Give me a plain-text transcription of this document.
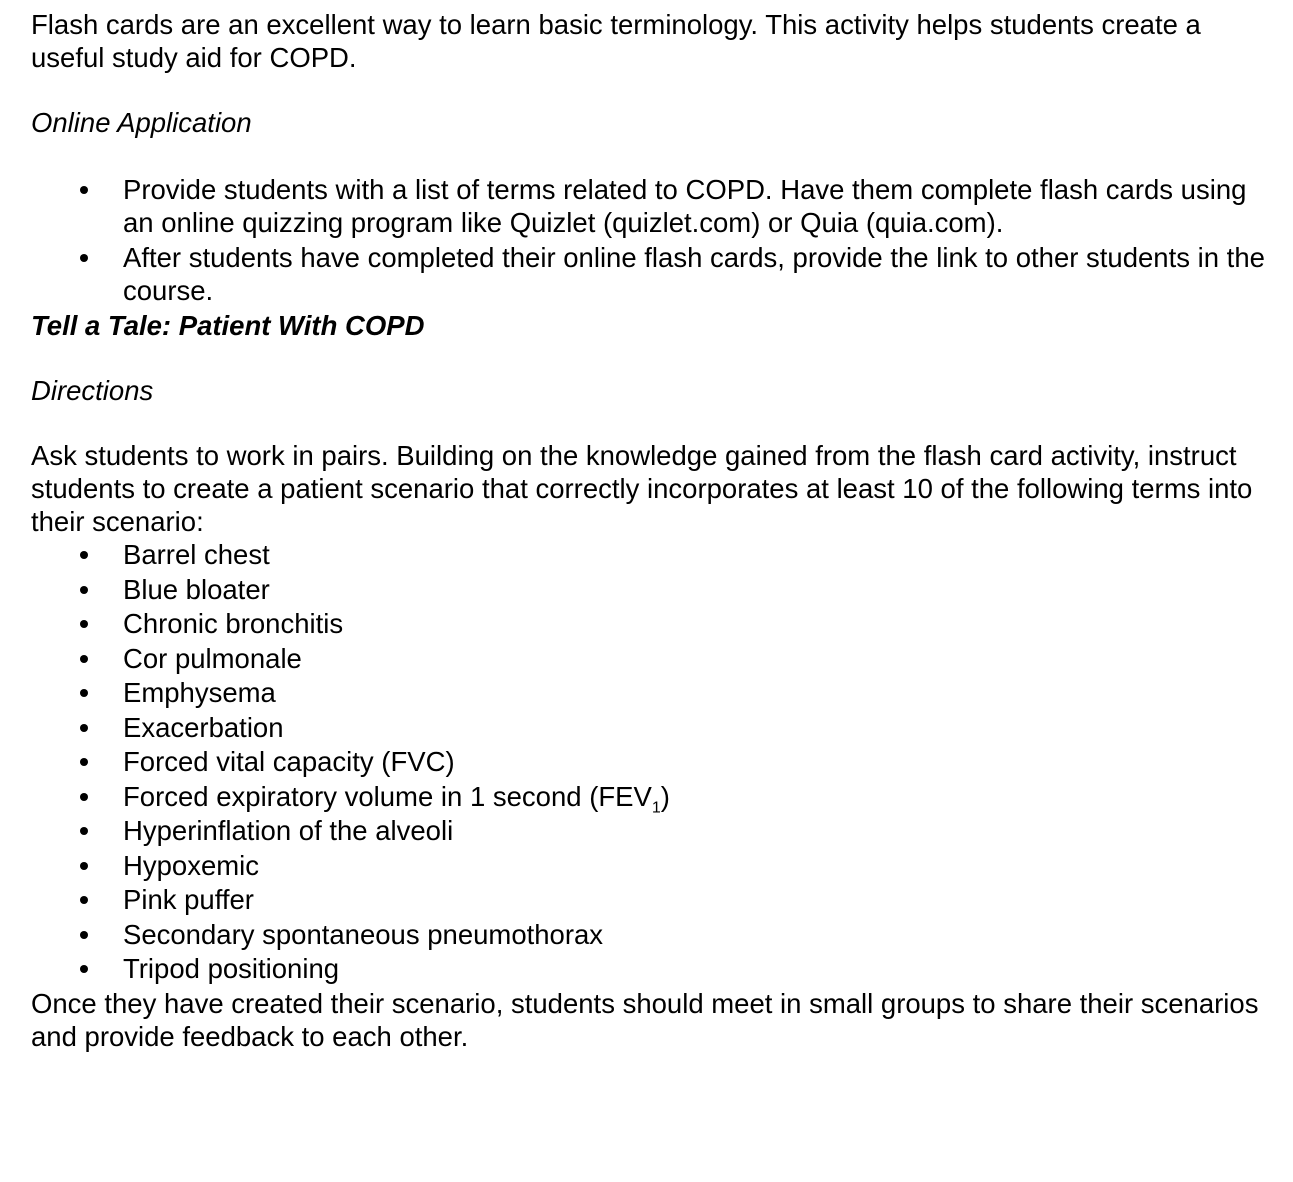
Flash cards are an excellent way to learn basic terminology. This activity helps students create a useful study aid for COPD.

Online Application

Provide students with a list of terms related to COPD. Have them complete flash cards using an online quizzing program like Quizlet (quizlet.com) or Quia (quia.com).
After students have completed their online flash cards, provide the link to other students in the course.

Tell a Tale: Patient With COPD

Directions

Ask students to work in pairs. Building on the knowledge gained from the flash card activity, instruct students to create a patient scenario that correctly incorporates at least 10 of the following terms into their scenario:

Barrel chest
Blue bloater
Chronic bronchitis
Cor pulmonale
Emphysema
Exacerbation
Forced vital capacity (FVC)
Forced expiratory volume in 1 second $(FEV_1)$
Hyperinflation of the alveoli
Hypoxemic
Pink puffer
Secondary spontaneous pneumothorax
Tripod positioning

Once they have created their scenario, students should meet in small groups to share their scenarios and provide feedback to each other.
